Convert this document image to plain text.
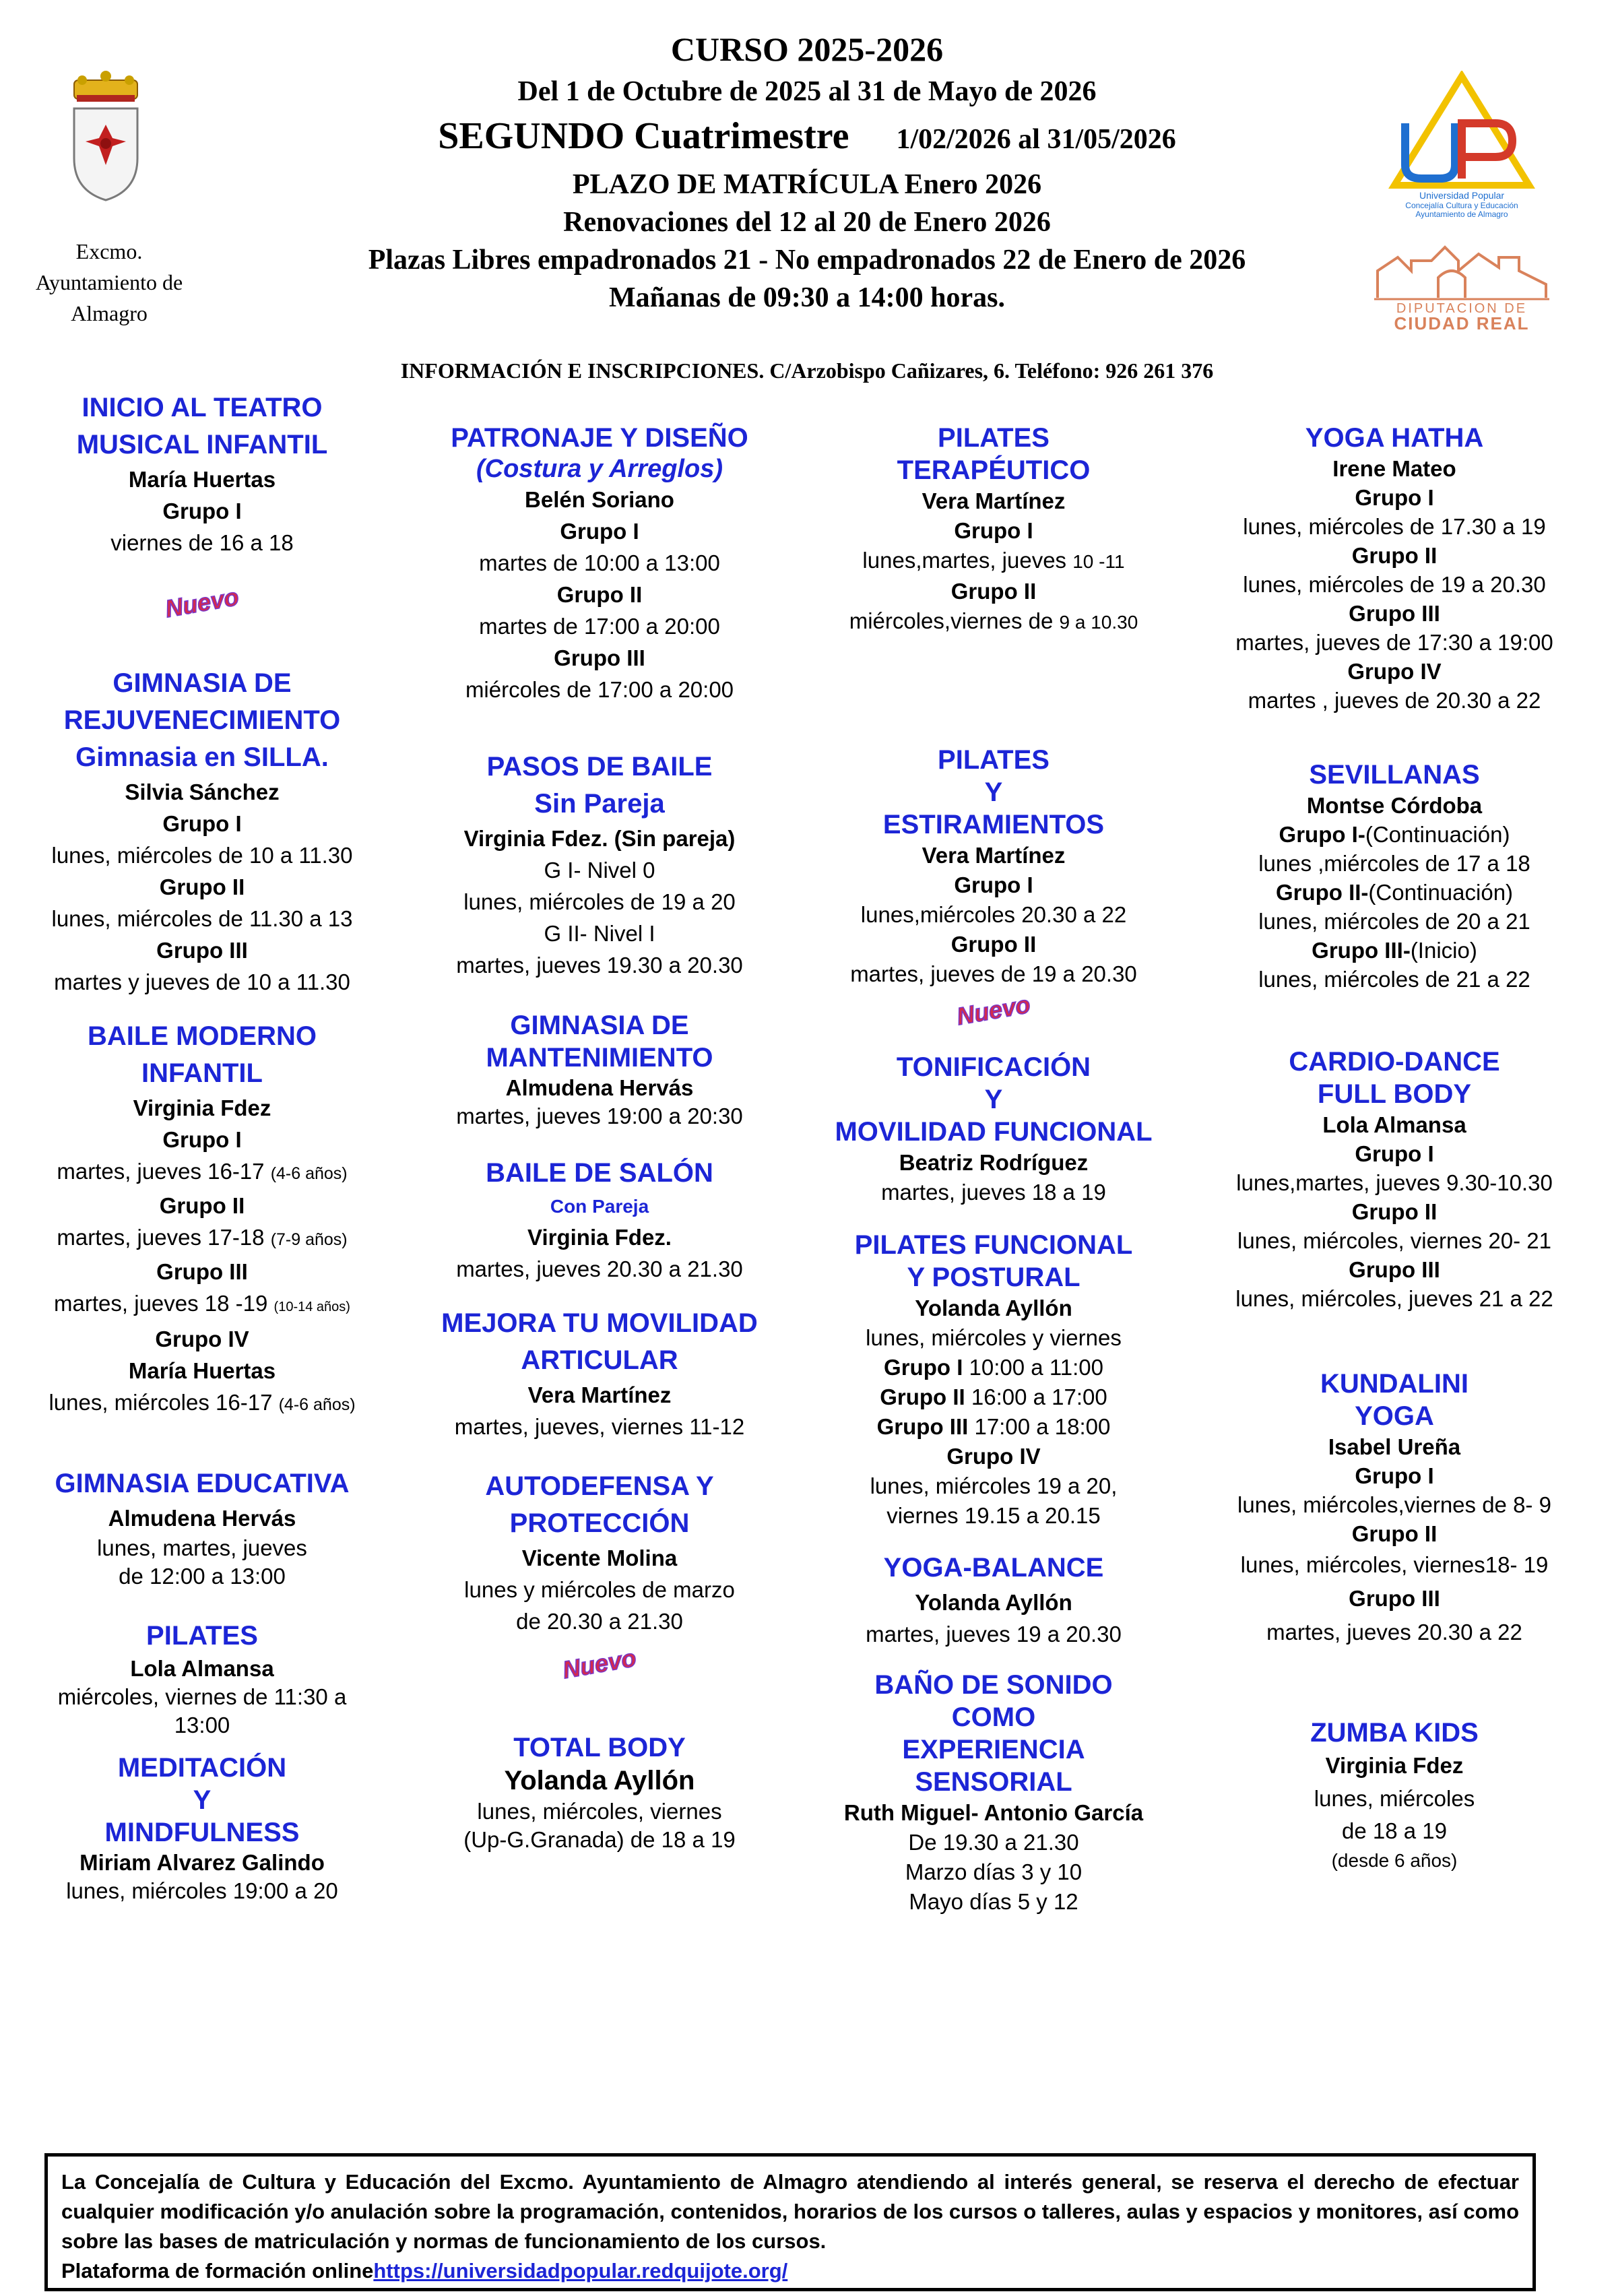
CURSO 2025-2026
Del 1 de Octubre de 2025 al 31 de Mayo de 2026
SEGUNDO Cuatrimestre 1/02/2026 al 31/05/2026
PLAZO DE MATRÍCULA Enero 2026
Renovaciones del 12 al 20 de Enero 2026
Plazas Libres empadronados 21 - No empadronados 22 de Enero de 2026
Mañanas de 09:30 a 14:00 horas.
INFORMACIÓN E INSCRIPCIONES. C/Arzobispo Cañizares, 6. Teléfono: 926 261 376
Excmo.
Ayuntamiento de
Almagro
Universidad Popular
Concejalía Cultura y Educación
Ayuntamiento de Almagro
DIPUTACION DE
CIUDAD REAL
INICIO AL TEATRO
MUSICAL INFANTIL
María Huertas
Grupo I
viernes de 16 a 18
Nuevo
GIMNASIA DE
REJUVENECIMIENTO
Gimnasia en SILLA.
Silvia Sánchez
Grupo I
lunes, miércoles de 10 a 11.30
Grupo II
lunes, miércoles de 11.30 a 13
Grupo III
martes y jueves de 10 a 11.30
BAILE MODERNO
INFANTIL
Virginia Fdez
Grupo I
martes, jueves 16-17 (4-6 años)
Grupo II
martes, jueves 17-18 (7-9 años)
Grupo III
martes, jueves 18 -19 (10-14 años)
Grupo IV
María Huertas
lunes, miércoles 16-17 (4-6 años)
GIMNASIA EDUCATIVA
Almudena Hervás
lunes, martes, jueves
de 12:00 a 13:00
PILATES
Lola Almansa
miércoles, viernes de 11:30 a
13:00
MEDITACIÓN
Y
MINDFULNESS
Miriam Alvarez Galindo
lunes, miércoles 19:00 a 20
PATRONAJE Y DISEÑO
(Costura y Arreglos)
Belén Soriano
Grupo I
martes de 10:00 a 13:00
Grupo II
martes de 17:00 a 20:00
Grupo III
miércoles de 17:00 a 20:00
PASOS DE BAILE
Sin Pareja
Virginia Fdez. (Sin pareja)
G I- Nivel 0
lunes, miércoles de 19 a 20
G II- Nivel I
martes, jueves 19.30 a 20.30
GIMNASIA DE
MANTENIMIENTO
Almudena Hervás
martes, jueves 19:00 a 20:30
BAILE DE SALÓN
Con Pareja
Virginia Fdez.
martes, jueves 20.30 a 21.30
MEJORA TU MOVILIDAD
ARTICULAR
Vera Martínez
martes, jueves, viernes 11-12
AUTODEFENSA Y
PROTECCIÓN
Vicente Molina
lunes y miércoles de marzo
de 20.30 a 21.30
Nuevo
TOTAL BODY
Yolanda Ayllón
lunes, miércoles, viernes
(Up-G.Granada) de 18 a 19
PILATES
TERAPÉUTICO
Vera Martínez
Grupo I
lunes,martes, jueves 10 -11
Grupo II
miércoles,viernes de 9 a 10.30
PILATES
Y
ESTIRAMIENTOS
Vera Martínez
Grupo I
lunes,miércoles 20.30 a 22
Grupo II
martes, jueves de 19 a 20.30
Nuevo
TONIFICACIÓN
Y
MOVILIDAD FUNCIONAL
Beatriz Rodríguez
martes, jueves 18 a 19
PILATES FUNCIONAL
Y POSTURAL
Yolanda Ayllón
lunes, miércoles y viernes
Grupo I 10:00 a 11:00
Grupo II 16:00 a 17:00
Grupo III 17:00 a 18:00
Grupo IV
lunes, miércoles 19 a 20,
viernes 19.15 a 20.15
YOGA-BALANCE
Yolanda Ayllón
martes, jueves 19 a 20.30
BAÑO DE SONIDO
COMO
EXPERIENCIA
SENSORIAL
Ruth Miguel- Antonio García
De 19.30 a 21.30
Marzo días 3 y 10
Mayo días 5 y 12
YOGA HATHA
Irene Mateo
Grupo I
lunes, miércoles de 17.30 a 19
Grupo II
lunes, miércoles de 19 a 20.30
Grupo III
martes, jueves de 17:30 a 19:00
Grupo IV
martes , jueves de 20.30 a 22
SEVILLANAS
Montse Córdoba
Grupo I-(Continuación)
lunes ,miércoles de 17 a 18
Grupo II-(Continuación)
lunes, miércoles de 20 a 21
Grupo III-(Inicio)
lunes, miércoles de 21 a 22
CARDIO-DANCE
FULL BODY
Lola Almansa
Grupo I
lunes,martes, jueves 9.30-10.30
Grupo II
lunes, miércoles, viernes 20- 21
Grupo III
lunes, miércoles, jueves 21 a 22
KUNDALINI
YOGA
Isabel Ureña
Grupo I
lunes, miércoles,viernes de 8- 9
Grupo II
lunes, miércoles, viernes18- 19
Grupo III
martes, jueves 20.30 a 22
ZUMBA KIDS
Virginia Fdez
lunes, miércoles
de 18 a 19
(desde 6 años)

La Concejalía de Cultura y Educación del Excmo. Ayuntamiento de Almagro atendiendo al interés general, se reserva el derecho de efectuar cualquier modificación y/o anulación sobre la programación, contenidos, horarios de los cursos o talleres, aulas y espacios y monitores, así como sobre las bases de matriculación y normas de funcionamiento de los cursos.

Plataforma de formación onlinehttps://universidadpopular.redquijote.org/
